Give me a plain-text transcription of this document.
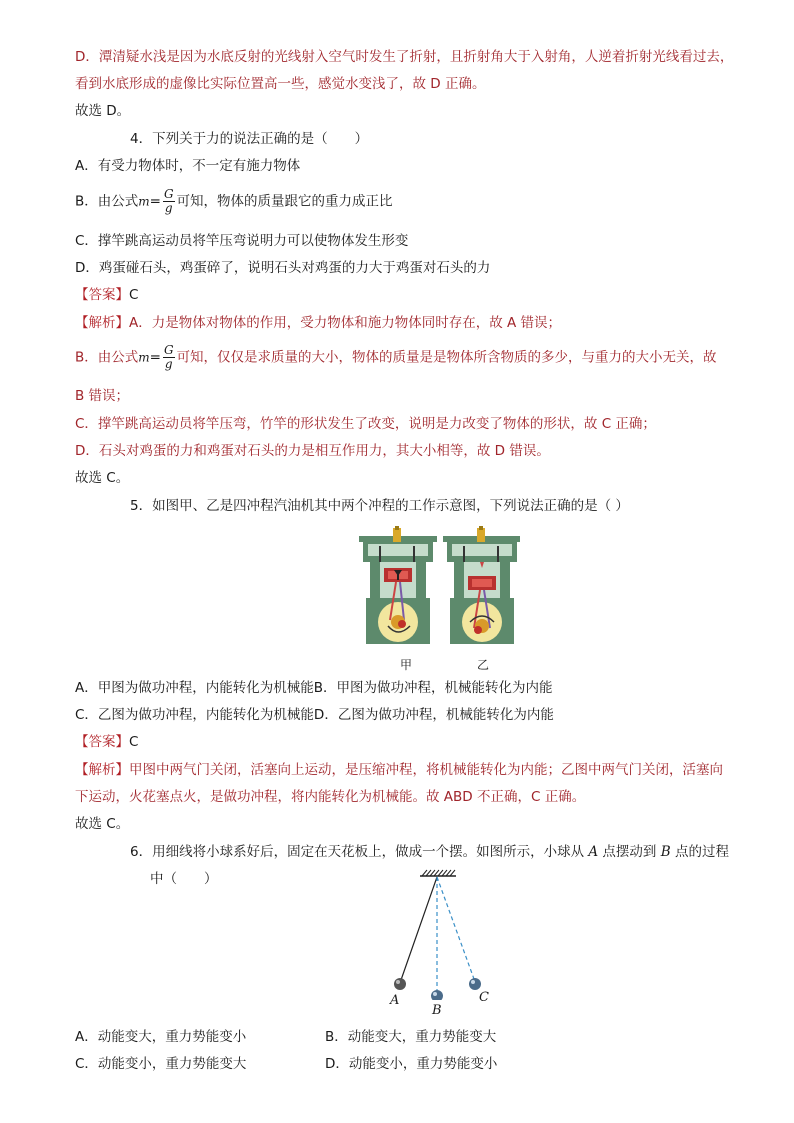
D．潭清疑水浅是因为水底反射的光线射入空气时发生了折射，且折射角大于入射角，人逆着折射光线看过去，
看到水底形成的虚像比实际位置高一些，感觉水变浅了，故 D 正确。
故选 D。
4．下列关于力的说法正确的是（　　）
A．有受力物体时，不一定有施力物体
B．由公式$m= \frac{G}{g}$ 可知，物体的质量跟它的重力成正比
C．撑竿跳高运动员将竿压弯说明力可以使物体发生形变
D．鸡蛋碰石头，鸡蛋碎了，说明石头对鸡蛋的力大于鸡蛋对石头的力
【答案】C
【解析】A．力是物体对物体的作用，受力物体和施力物体同时存在，故 A 错误；
B．由公式$m= \frac{G}{g}$ 可知，仅仅是求质量的大小，物体的质量是是物体所含物质的多少，与重力的大小无关，故
B 错误；
C．撑竿跳高运动员将竿压弯，竹竿的形状发生了改变，说明是力改变了物体的形状，故 C 正确；
D．石头对鸡蛋的力和鸡蛋对石头的力是相互作用力，其大小相等，故 D 错误。
故选 C。
5．如图甲、乙是四冲程汽油机其中两个冲程的工作示意图，下列说法正确的是（ ）
甲	乙
A．甲图为做功冲程，内能转化为机械能B．甲图为做功冲程，机械能转化为内能
C．乙图为做功冲程，内能转化为机械能D．乙图为做功冲程，机械能转化为内能
【答案】C
【解析】甲图中两气门关闭，活塞向上运动，是压缩冲程，将机械能转化为内能；乙图中两气门关闭，活塞向
下运动，火花塞点火，是做功冲程，将内能转化为机械能。故 ABD 不正确，C 正确。
故选 C。
6．用细线将小球系好后，固定在天花板上，做成一个摆。如图所示，小球从 A 点摆动到 B 点的过程
中（　　）
A
B
C
A．动能变大，重力势能变小	B．动能变大，重力势能变大
C．动能变小，重力势能变大	D．动能变小，重力势能变小
